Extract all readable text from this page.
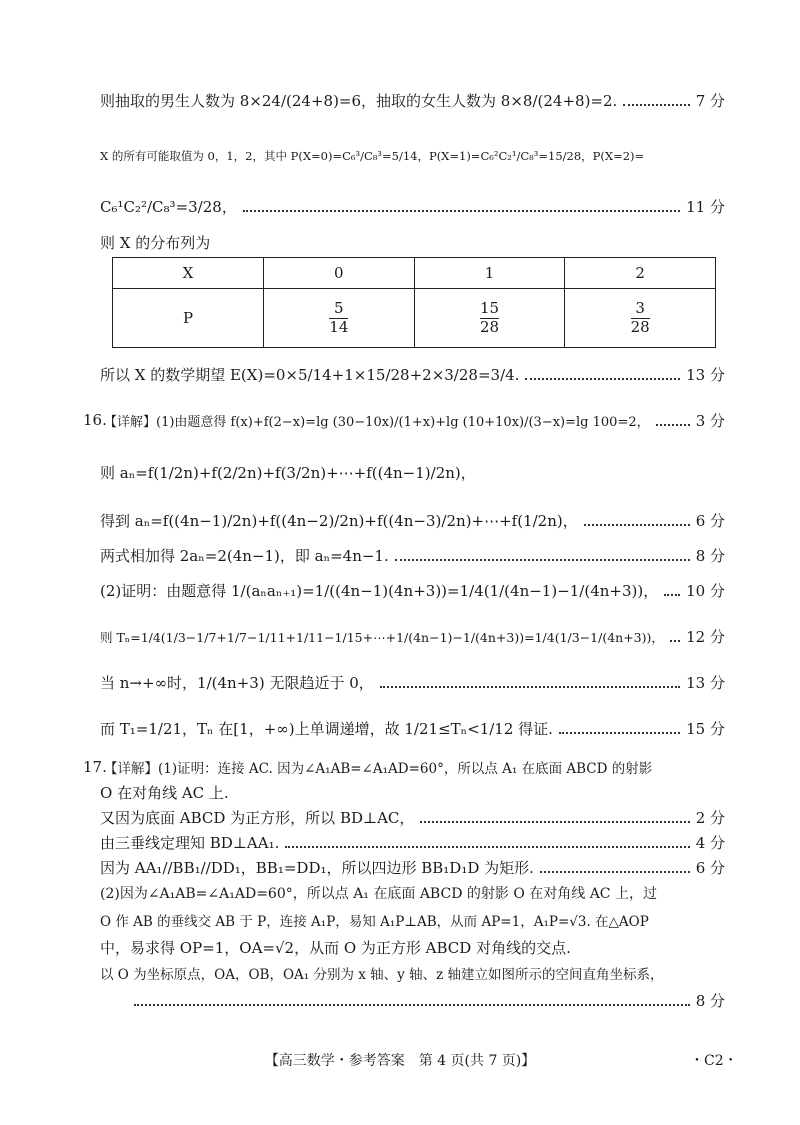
则抽取的男生人数为 8×24/(24+8)=6，抽取的女生人数为 8×8/(24+8)=2.	7 分
X 的所有可能取值为 0，1，2，其中 P(X=0)=C₆³/C₈³=5/14，P(X=1)=C₆²C₂¹/C₈³=15/28，P(X=2)=
C₆¹C₂²/C₈³=3/28，	11 分
则 X 的分布列为
X	0	1	2
P	$\frac{5}{14}$	$\frac{15}{28}$	$\frac{3}{28}$
所以 X 的数学期望 E(X)=0×5/14+1×15/28+2×3/28=3/4.	13 分
16.
【详解】(1)由题意得 f(x)+f(2−x)=lg (30−10x)/(1+x)+lg (10+10x)/(3−x)=lg 100=2，	3 分
则 aₙ=f(1/2n)+f(2/2n)+f(3/2n)+⋯+f((4n−1)/2n)，
得到 aₙ=f((4n−1)/2n)+f((4n−2)/2n)+f((4n−3)/2n)+⋯+f(1/2n)，	6 分
两式相加得 2aₙ=2(4n−1)，即 aₙ=4n−1.	8 分
(2)证明：由题意得 1/(aₙaₙ₊₁)=1/((4n−1)(4n+3))=1/4(1/(4n−1)−1/(4n+3))， 10 分
则 Tₙ=1/4(1/3−1/7+1/7−1/11+1/11−1/15+⋯+1/(4n−1)−1/(4n+3))=1/4(1/3−1/(4n+3))， 12 分
当 n→+∞时，1/(4n+3) 无限趋近于 0，	13 分
而 T₁=1/21，Tₙ 在[1，+∞)上单调递增，故 1/21≤Tₙ<1/12 得证.	15 分
17.
【详解】(1)证明：连接 AC. 因为∠A₁AB=∠A₁AD=60°，所以点 A₁ 在底面 ABCD 的射影
O 在对角线 AC 上.
又因为底面 ABCD 为正方形，所以 BD⊥AC，	2 分
由三垂线定理知 BD⊥AA₁.	4 分
因为 AA₁//BB₁//DD₁，BB₁=DD₁，所以四边形 BB₁D₁D 为矩形.	6 分
(2)因为∠A₁AB=∠A₁AD=60°，所以点 A₁ 在底面 ABCD 的射影 O 在对角线 AC 上，过
O 作 AB 的垂线交 AB 于 P，连接 A₁P，易知 A₁P⊥AB，从而 AP=1，A₁P=√3. 在△AOP
中，易求得 OP=1，OA=√2，从而 O 为正方形 ABCD 对角线的交点.
以 O 为坐标原点，OA，OB，OA₁ 分别为 x 轴、y 轴、z 轴建立如图所示的空间直角坐标系，
8 分
【高三数学・参考答案　第 4 页(共 7 页)】	・C2・
